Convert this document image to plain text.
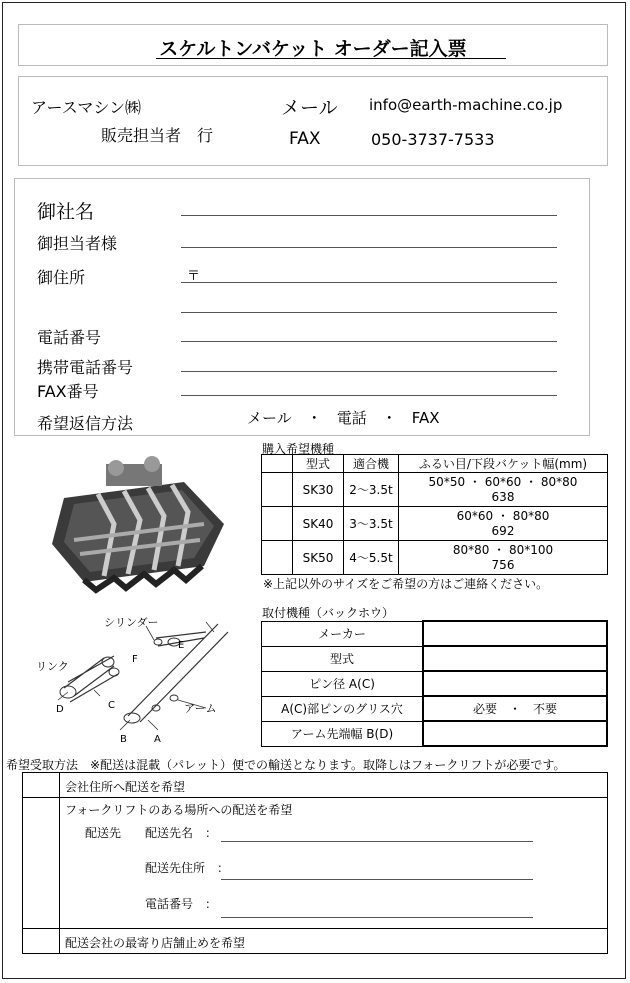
スケルトンバケット オーダー記入票
アースマシン㈱
販売担当者　行
メール info@earth-machine.co.jp
FAX	050-3737-7533
御社名
御担当者様
御住所	〒
電話番号
携帯電話番号
FAX番号
希望返信方法	メール　・　電話　・　FAX
購入希望機種
	型式	適合機	ふるい目/下段バケット幅(mm)
	SK30	2～3.5t	50*50 ・ 60*60 ・ 80*80
638

	SK40	3～3.5t	60*60 ・ 80*80
692

	SK50	4～5.5t	80*80 ・ 80*100
756
※上記以外のサイズをご希望の方はご連絡ください。
シリンダー
リンク
アーム
E
F
D	C
B	A
取付機種（バックホウ）
メーカー	
型式	
ピン径 A(C)	
A(C)部ピンのグリス穴	必要　・　不要
アーム先端幅 B(D)	
希望受取方法　 ※配送は混載（パレット）便での輸送となります。取降しはフォークリフトが必要です。
会社住所へ配送を希望
フォークリフトのある場所への配送を希望
配送先 配送先名　：
配送先住所　：
電話番号　：
配送会社の最寄り店舗止めを希望
